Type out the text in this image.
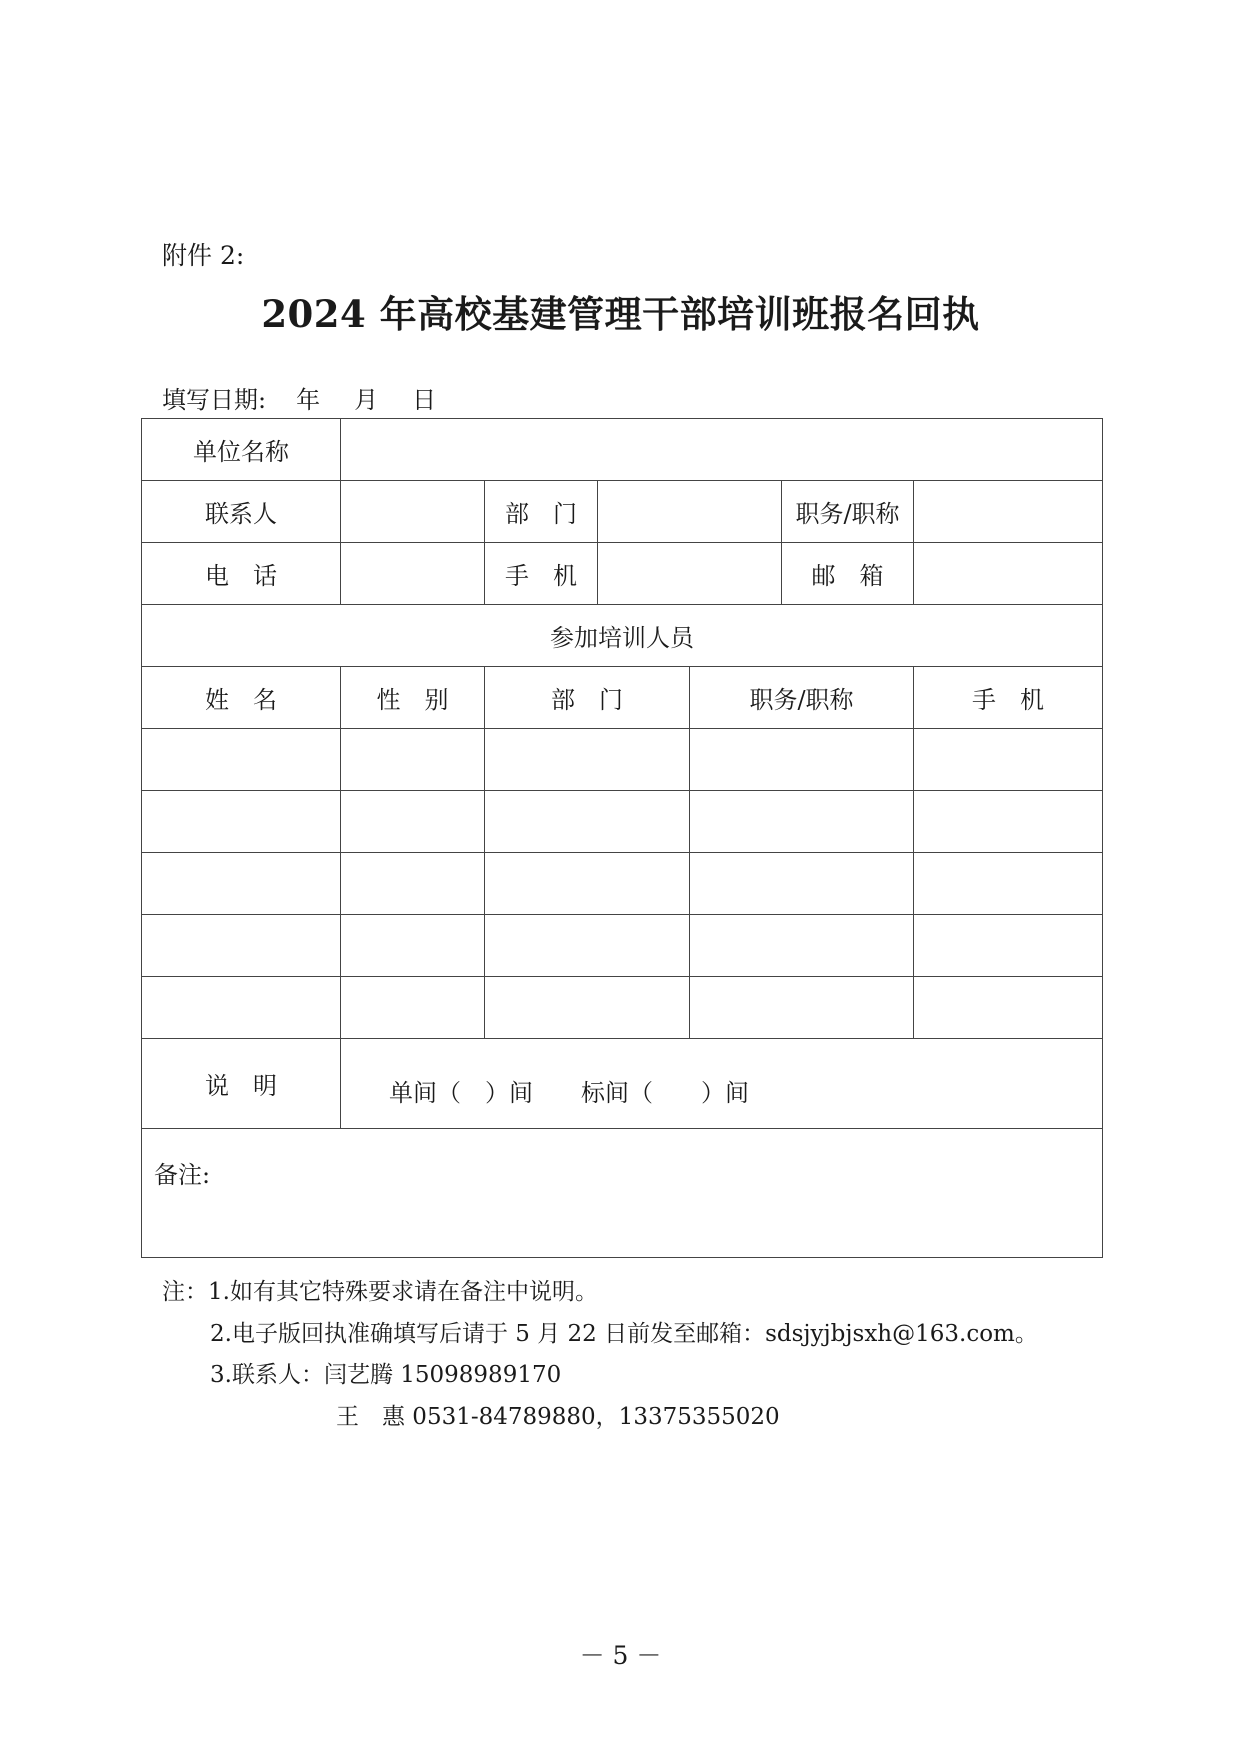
附件 2:
2024 年高校基建管理干部培训班报名回执
填写日期: 年 月 日
单位名称						
联系人		部　门			职务/职称	
电　话		手　机			邮　箱	
参加培训人员						
姓　名	性　别	部　门		职务/职称		手　机

说　明	单间（　）间　　标间（　　）间					
备注:						
注：1.如有其它特殊要求请在备注中说明。
2.电子版回执准确填写后请于 5 月 22 日前发至邮箱：sdsjyjbjsxh@163.com。
3.联系人：闫艺腾 15098989170
王　惠 0531-84789880，13375355020
－ 5 －
